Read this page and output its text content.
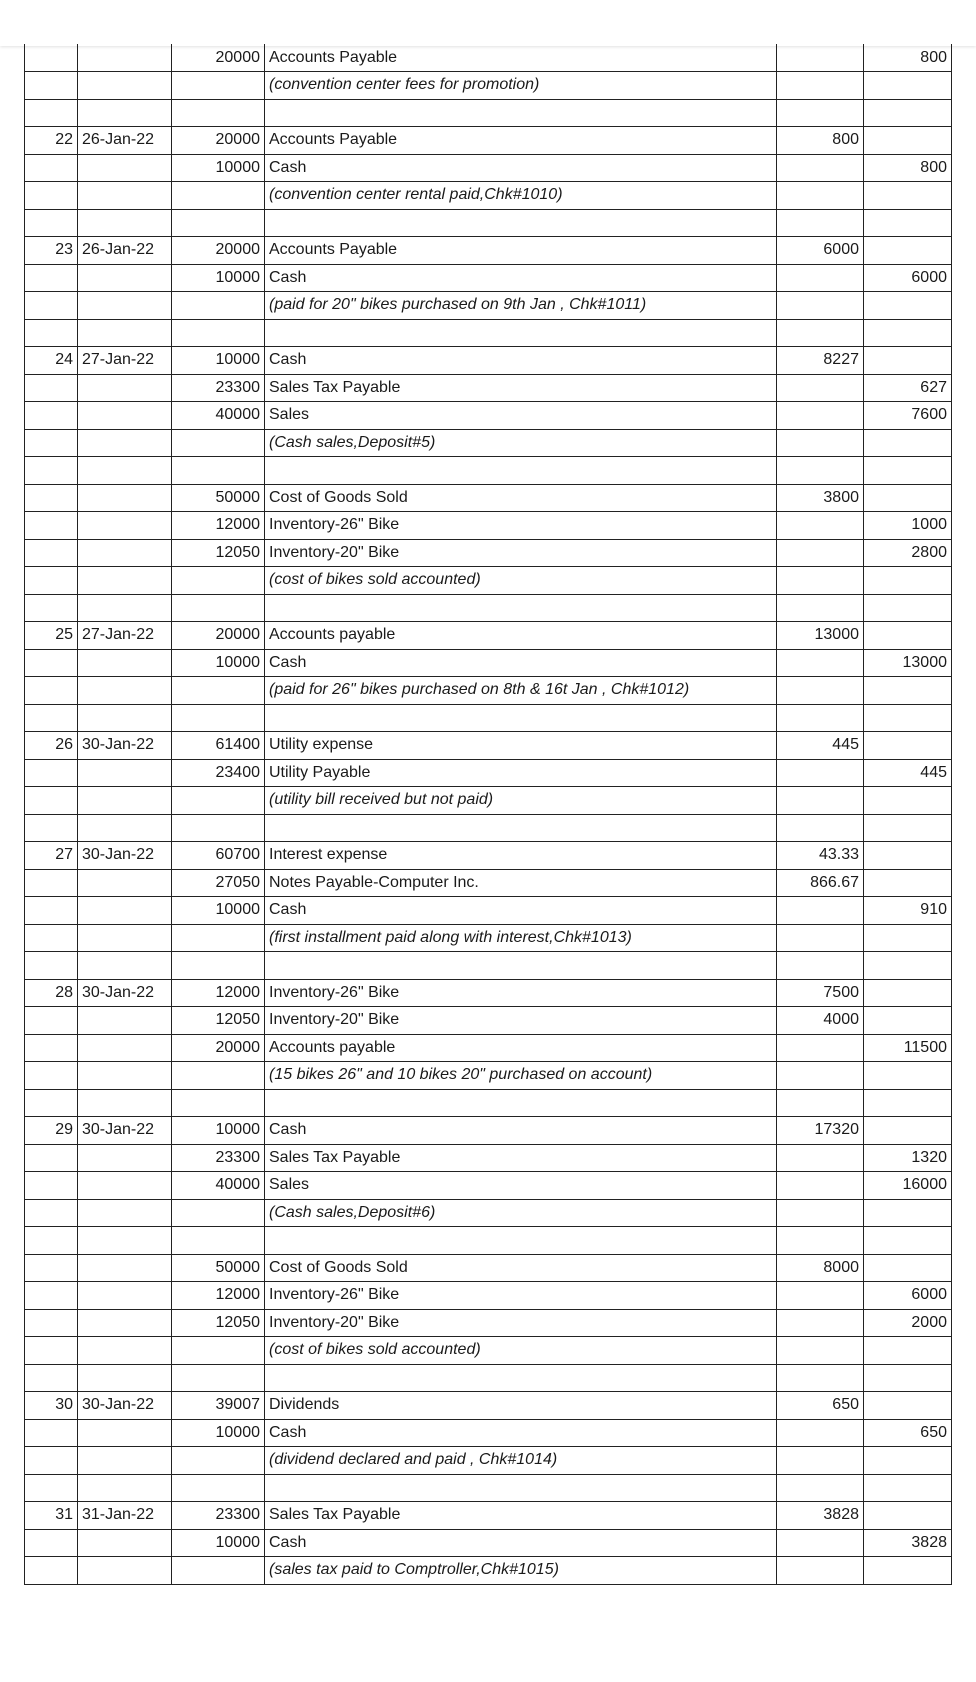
		20000	Accounts Payable		800
			(convention center fees for promotion)		

22	26-Jan-22	20000	Accounts Payable	800	
		10000	Cash		800
			(convention center rental paid,Chk#1010)		

23	26-Jan-22	20000	Accounts Payable	6000	
		10000	Cash		6000
			(paid for 20" bikes purchased on 9th Jan , Chk#1011)		

24	27-Jan-22	10000	Cash	8227	
		23300	Sales Tax Payable		627
		40000	Sales		7600
			(Cash sales,Deposit#5)		

		50000	Cost of Goods Sold	3800	
		12000	Inventory-26" Bike		1000
		12050	Inventory-20" Bike		2800
			(cost of bikes sold accounted)		

25	27-Jan-22	20000	Accounts payable	13000	
		10000	Cash		13000
			(paid for 26" bikes purchased on 8th & 16t Jan , Chk#1012)		

26	30-Jan-22	61400	Utility expense	445	
		23400	Utility Payable		445
			(utility bill received but not paid)		

27	30-Jan-22	60700	Interest expense	43.33	
		27050	Notes Payable-Computer Inc.	866.67	
		10000	Cash		910
			(first installment paid along with interest,Chk#1013)		

28	30-Jan-22	12000	Inventory-26" Bike	7500	
		12050	Inventory-20" Bike	4000	
		20000	Accounts payable		11500
			(15 bikes 26" and 10 bikes 20" purchased on account)		

29	30-Jan-22	10000	Cash	17320	
		23300	Sales Tax Payable		1320
		40000	Sales		16000
			(Cash sales,Deposit#6)		

		50000	Cost of Goods Sold	8000	
		12000	Inventory-26" Bike		6000
		12050	Inventory-20" Bike		2000
			(cost of bikes sold accounted)		

30	30-Jan-22	39007	Dividends	650	
		10000	Cash		650
			(dividend declared and paid , Chk#1014)		

31	31-Jan-22	23300	Sales Tax Payable	3828	
		10000	Cash		3828
			(sales tax paid to Comptroller,Chk#1015)		
